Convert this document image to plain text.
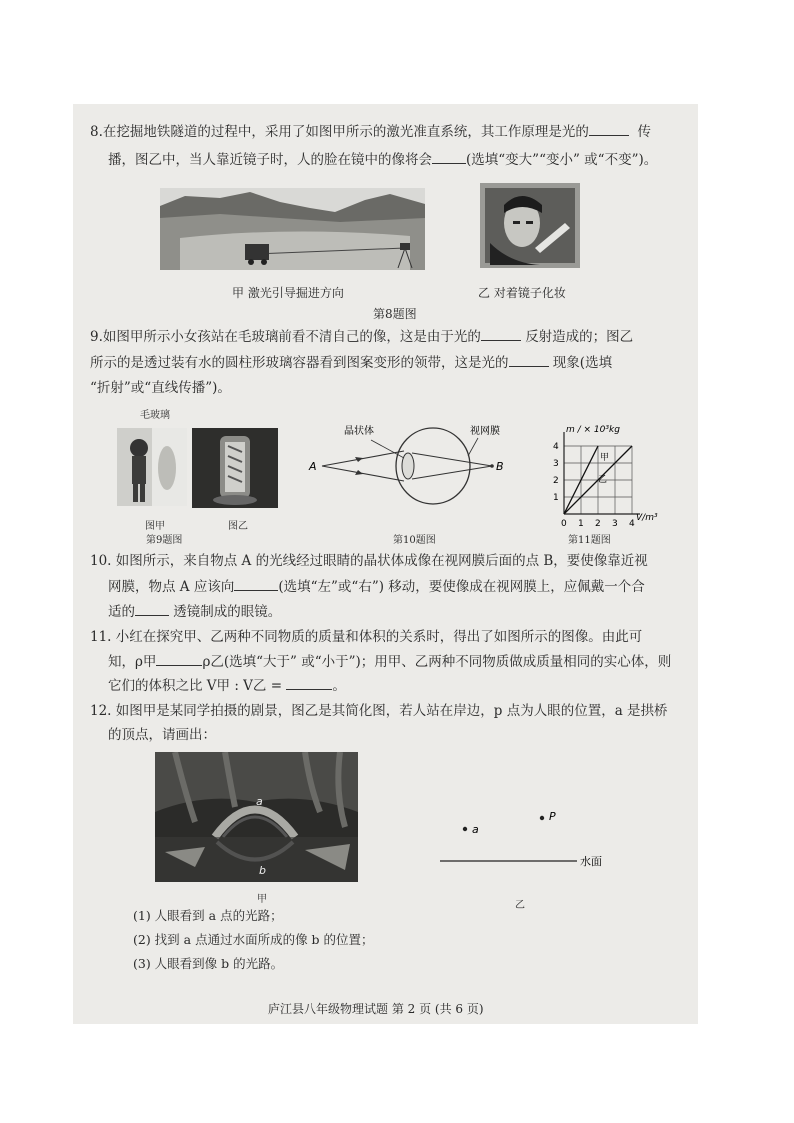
8.在挖掘地铁隧道的过程中，采用了如图甲所示的激光准直系统，其工作原理是光的	传
播，图乙中，当人靠近镜子时，人的脸在镜中的像将会	(选填“变大”“变小” 或“不变”)。
甲 激光引导掘进方向	乙 对着镜子化妆
第8题图
9.如图甲所示小女孩站在毛玻璃前看不清自己的像，这是由于光的	反射造成的；图乙
所示的是透过装有水的圆柱形玻璃容器看到图案变形的领带，这是光的	现象(选填
“折射”或“直线传播”)。
毛玻璃
图甲	图乙
第9题图
A	B
晶状体	视网膜
第10题图
甲
乙
0 1 2 3 4
1
2
3
4
m / × 10³kg
V/m³
第11题图
10. 如图所示，来自物点 A 的光线经过眼睛的晶状体成像在视网膜后面的点 B，要使像靠近视
网膜，物点 A 应该向	(选填“左”或“右”) 移动，要使像成在视网膜上，应佩戴一个合
适的	透镜制成的眼镜。
11. 小红在探究甲、乙两种不同物质的质量和体积的关系时，得出了如图所示的图像。由此可
知，ρ甲	ρ乙(选填“大于” 或“小于”)；用甲、乙两种不同物质做成质量相同的实心体，则
它们的体积之比 V甲 : V乙 =	。
12. 如图甲是某同学拍摄的剧景，图乙是其简化图，若人站在岸边，p 点为人眼的位置，a 是拱桥
的顶点，请画出：
a
b
甲
a
P
水面
乙
(1) 人眼看到 a 点的光路；
(2) 找到 a 点通过水面所成的像 b 的位置；
(3) 人眼看到像 b 的光路。
庐江县八年级物理试题 第 2 页 (共 6 页)
